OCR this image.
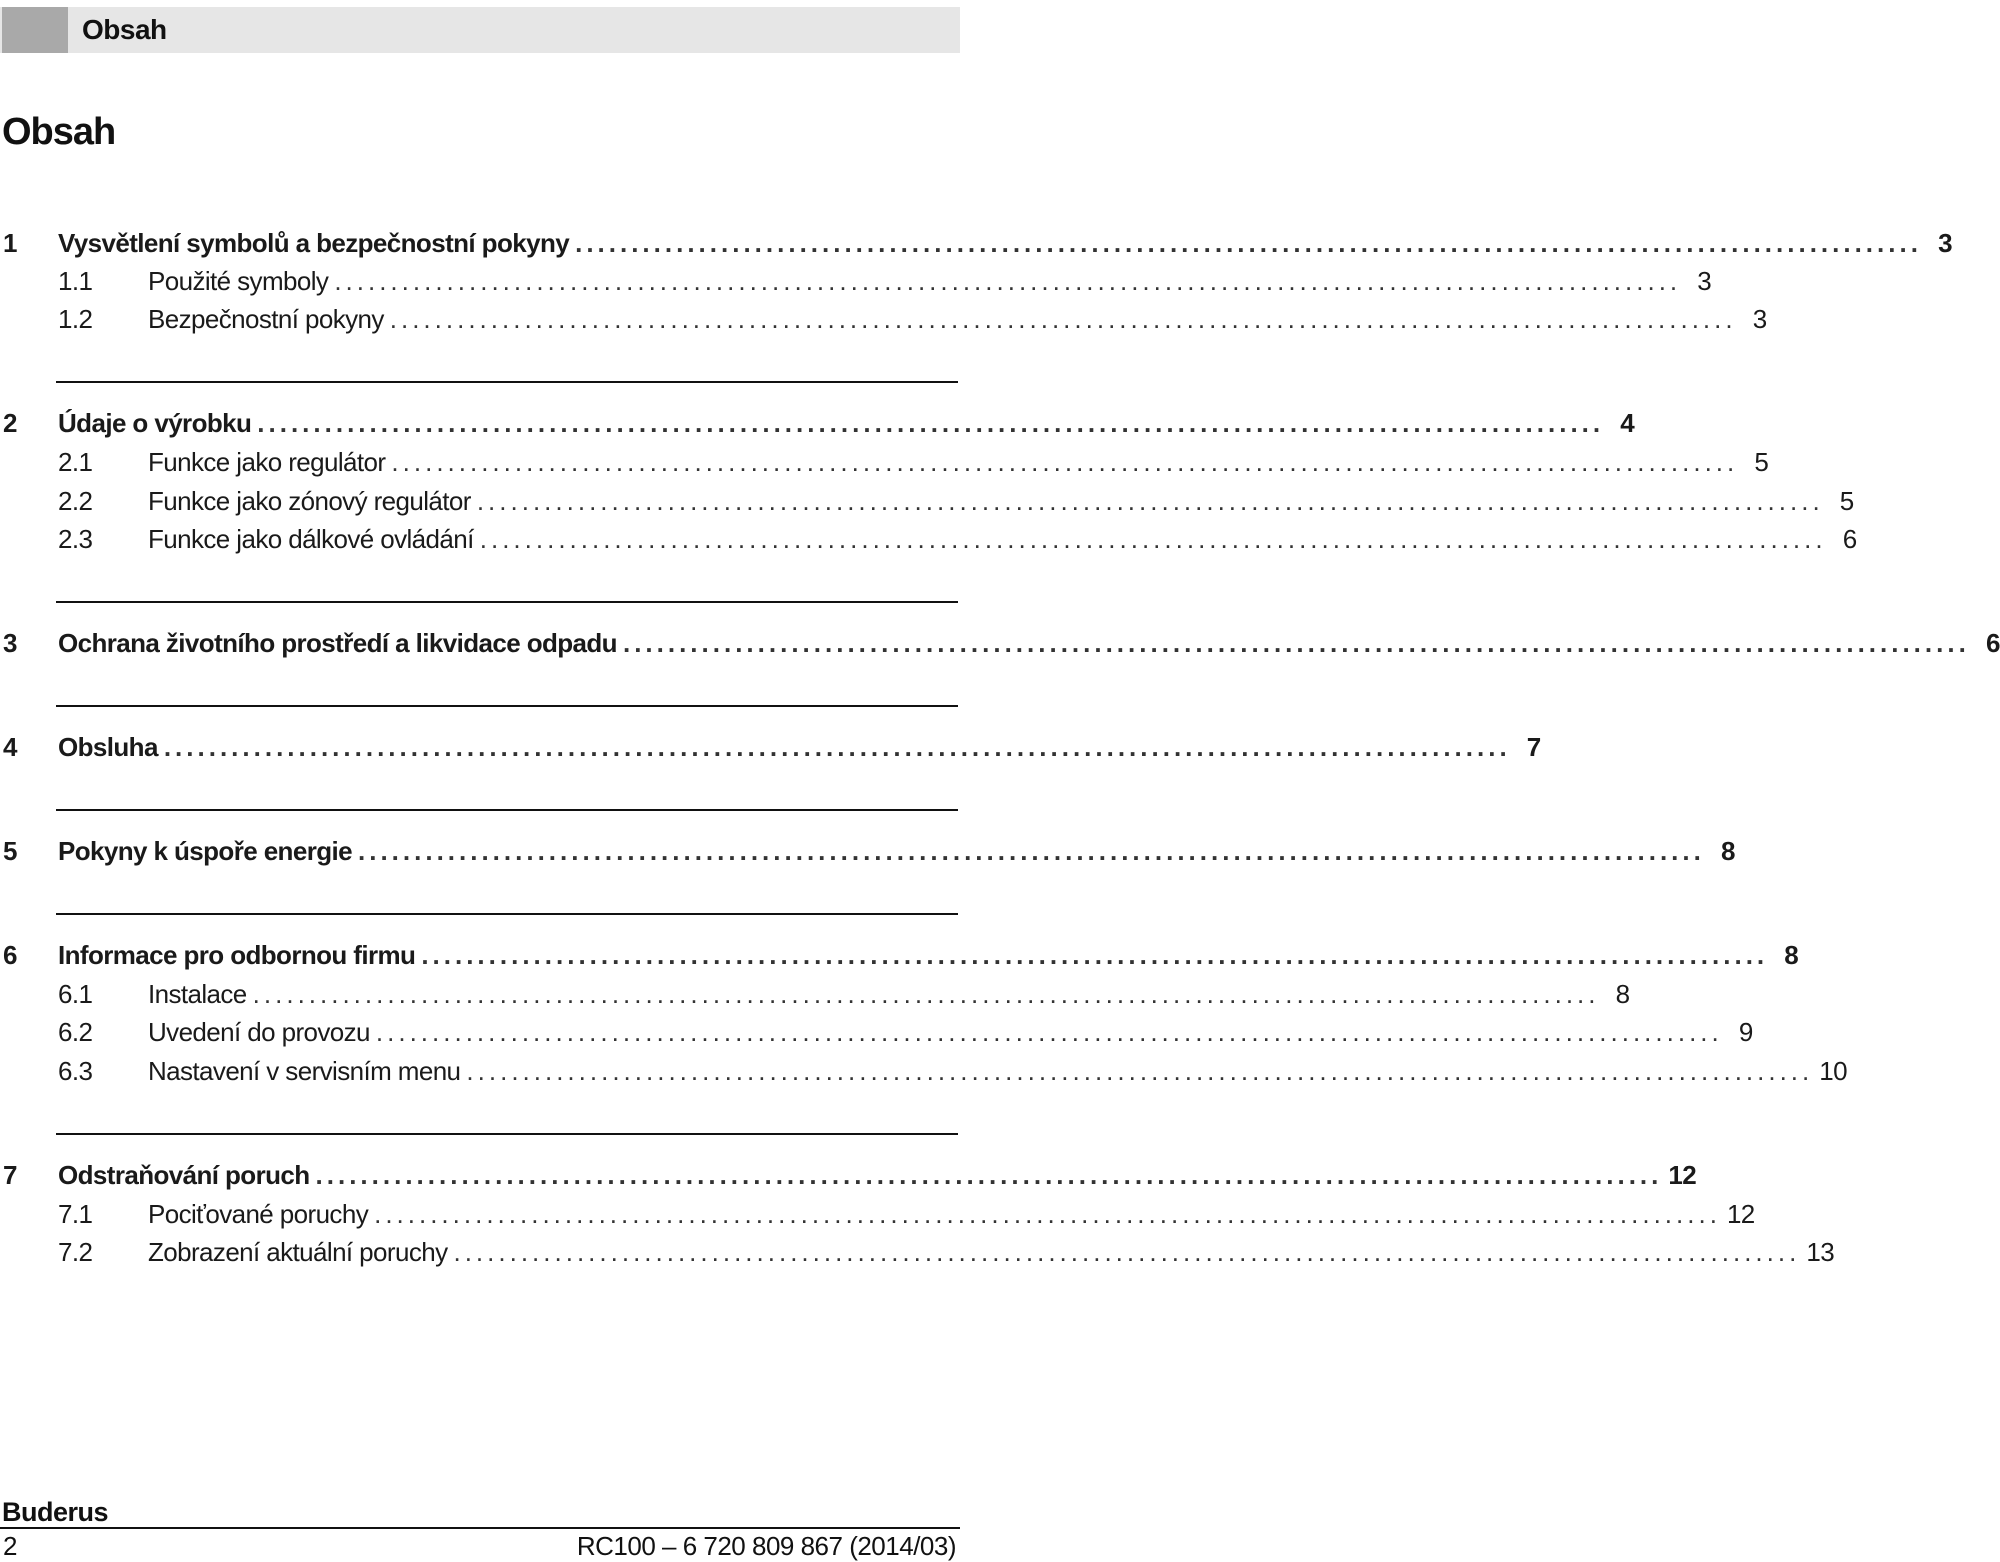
Obsah
Obsah
1	Vysvětlení symbolů a bezpečnostní pokyny ........................................................................................................................ 3
1.1	Použité symboly ........................................................................................................................ 3
1.2	Bezpečnostní pokyny ........................................................................................................................ 3
2	Údaje o výrobku ........................................................................................................................ 4
2.1	Funkce jako regulátor ........................................................................................................................ 5
2.2	Funkce jako zónový regulátor ........................................................................................................................ 5
2.3	Funkce jako dálkové ovládání ........................................................................................................................ 6
3	Ochrana životního prostředí a likvidace odpadu ........................................................................................................................ 6
4	Obsluha ........................................................................................................................ 7
5	Pokyny k úspoře energie ........................................................................................................................ 8
6	Informace pro odbornou firmu ........................................................................................................................ 8
6.1	Instalace ........................................................................................................................ 8
6.2	Uvedení do provozu ........................................................................................................................ 9
6.3	Nastavení v servisním menu ........................................................................................................................ 10
7	Odstraňování poruch ........................................................................................................................ 12
7.1	Pociťované poruchy ........................................................................................................................ 12
7.2	Zobrazení aktuální poruchy ........................................................................................................................ 13
Buderus
2	RC100 – 6 720 809 867 (2014/03)
